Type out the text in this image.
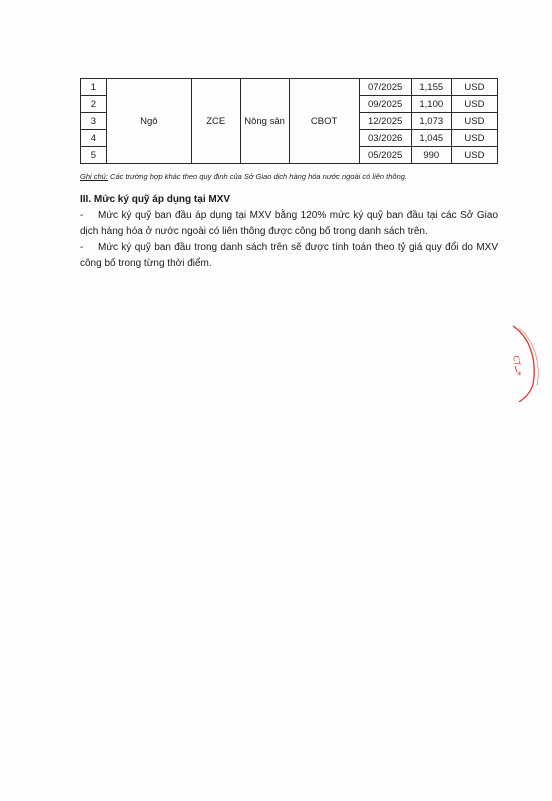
1	Ngô	ZCE	Nông sản	CBOT	07/2025	1,155	USD
2					09/2025	1,100	USD
3					12/2025	1,073	USD
4					03/2026	1,045	USD
5					05/2025	990	USD
Ghi chú: Các trường hợp khác theo quy định của Sở Giao dịch hàng hóa nước ngoài có liên thông.
III. Mức ký quỹ áp dụng tại MXV
- Mức ký quỹ ban đầu áp dụng tại MXV bằng 120% mức ký quỹ ban đầu tại các Sở Giao dịch hàng hóa ở nước ngoài có liên thông được công bố trong danh sách trên.
- Mức ký quỹ ban đầu trong danh sách trên sẽ được tính toán theo tỷ giá quy đổi do MXV công bố trong từng thời điểm.
CT
*
